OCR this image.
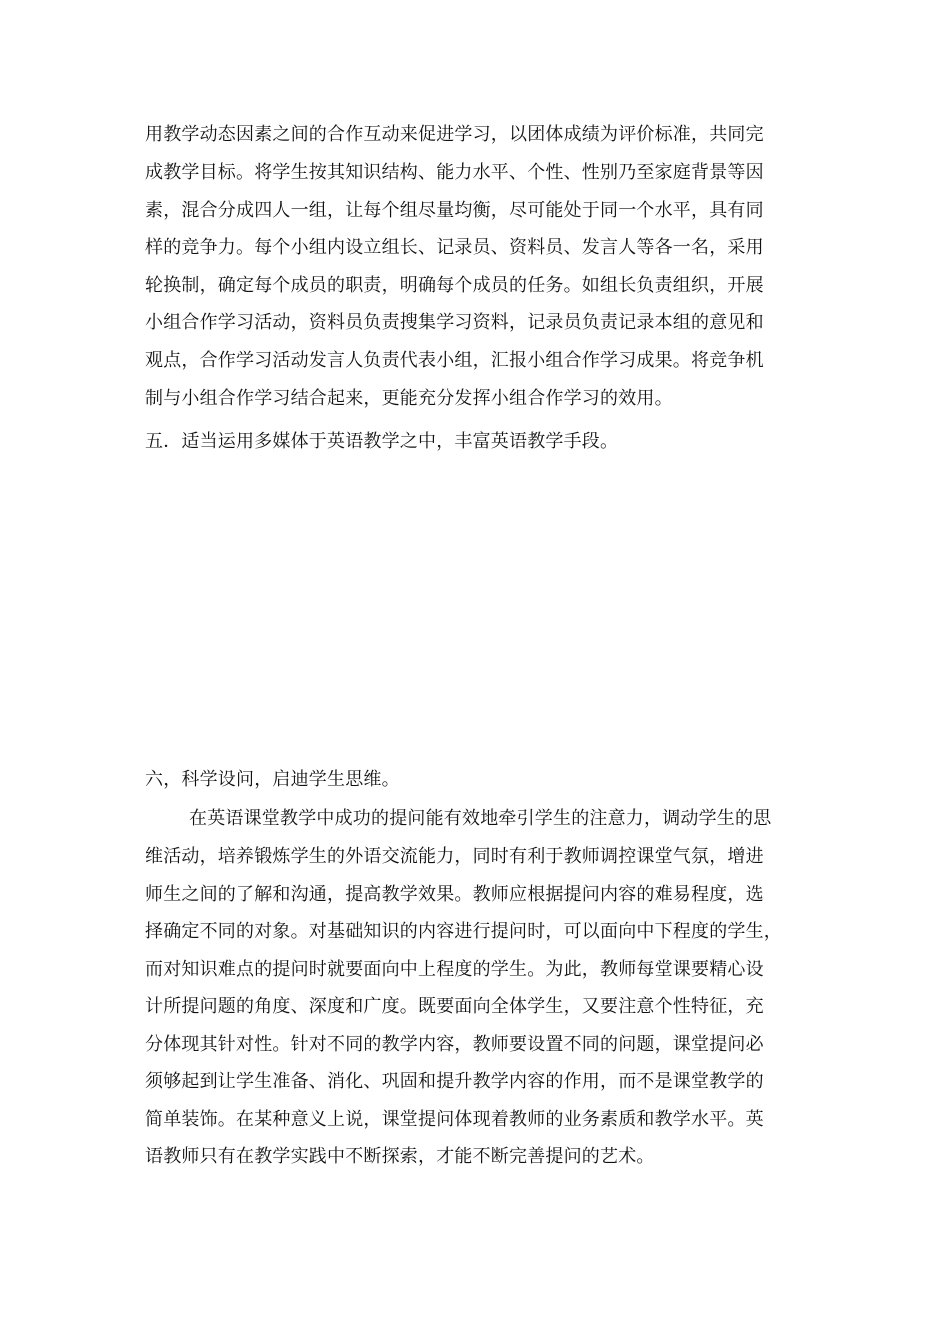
用教学动态因素之间的合作互动来促进学习，以团体成绩为评价标准，共同完
成教学目标。将学生按其知识结构、能力水平、个性、性别乃至家庭背景等因
素，混合分成四人一组，让每个组尽量均衡，尽可能处于同一个水平，具有同
样的竞争力。每个小组内设立组长、记录员、资料员、发言人等各一名，采用
轮换制，确定每个成员的职责，明确每个成员的任务。如组长负责组织，开展
小组合作学习活动，资料员负责搜集学习资料，记录员负责记录本组的意见和
观点，合作学习活动发言人负责代表小组，汇报小组合作学习成果。将竞争机
制与小组合作学习结合起来，更能充分发挥小组合作学习的效用。
五．适当运用多媒体于英语教学之中，丰富英语教学手段。
六，科学设问，启迪学生思维。
在英语课堂教学中成功的提问能有效地牵引学生的注意力，调动学生的思
维活动，培养锻炼学生的外语交流能力，同时有利于教师调控课堂气氛，增进
师生之间的了解和沟通，提高教学效果。教师应根据提问内容的难易程度，选
择确定不同的对象。对基础知识的内容进行提问时，可以面向中下程度的学生，
而对知识难点的提问时就要面向中上程度的学生。为此，教师每堂课要精心设
计所提问题的角度、深度和广度。既要面向全体学生，又要注意个性特征，充
分体现其针对性。针对不同的教学内容，教师要设置不同的问题，课堂提问必
须够起到让学生准备、消化、巩固和提升教学内容的作用，而不是课堂教学的
简单装饰。在某种意义上说，课堂提问体现着教师的业务素质和教学水平。英
语教师只有在教学实践中不断探索，才能不断完善提问的艺术。
